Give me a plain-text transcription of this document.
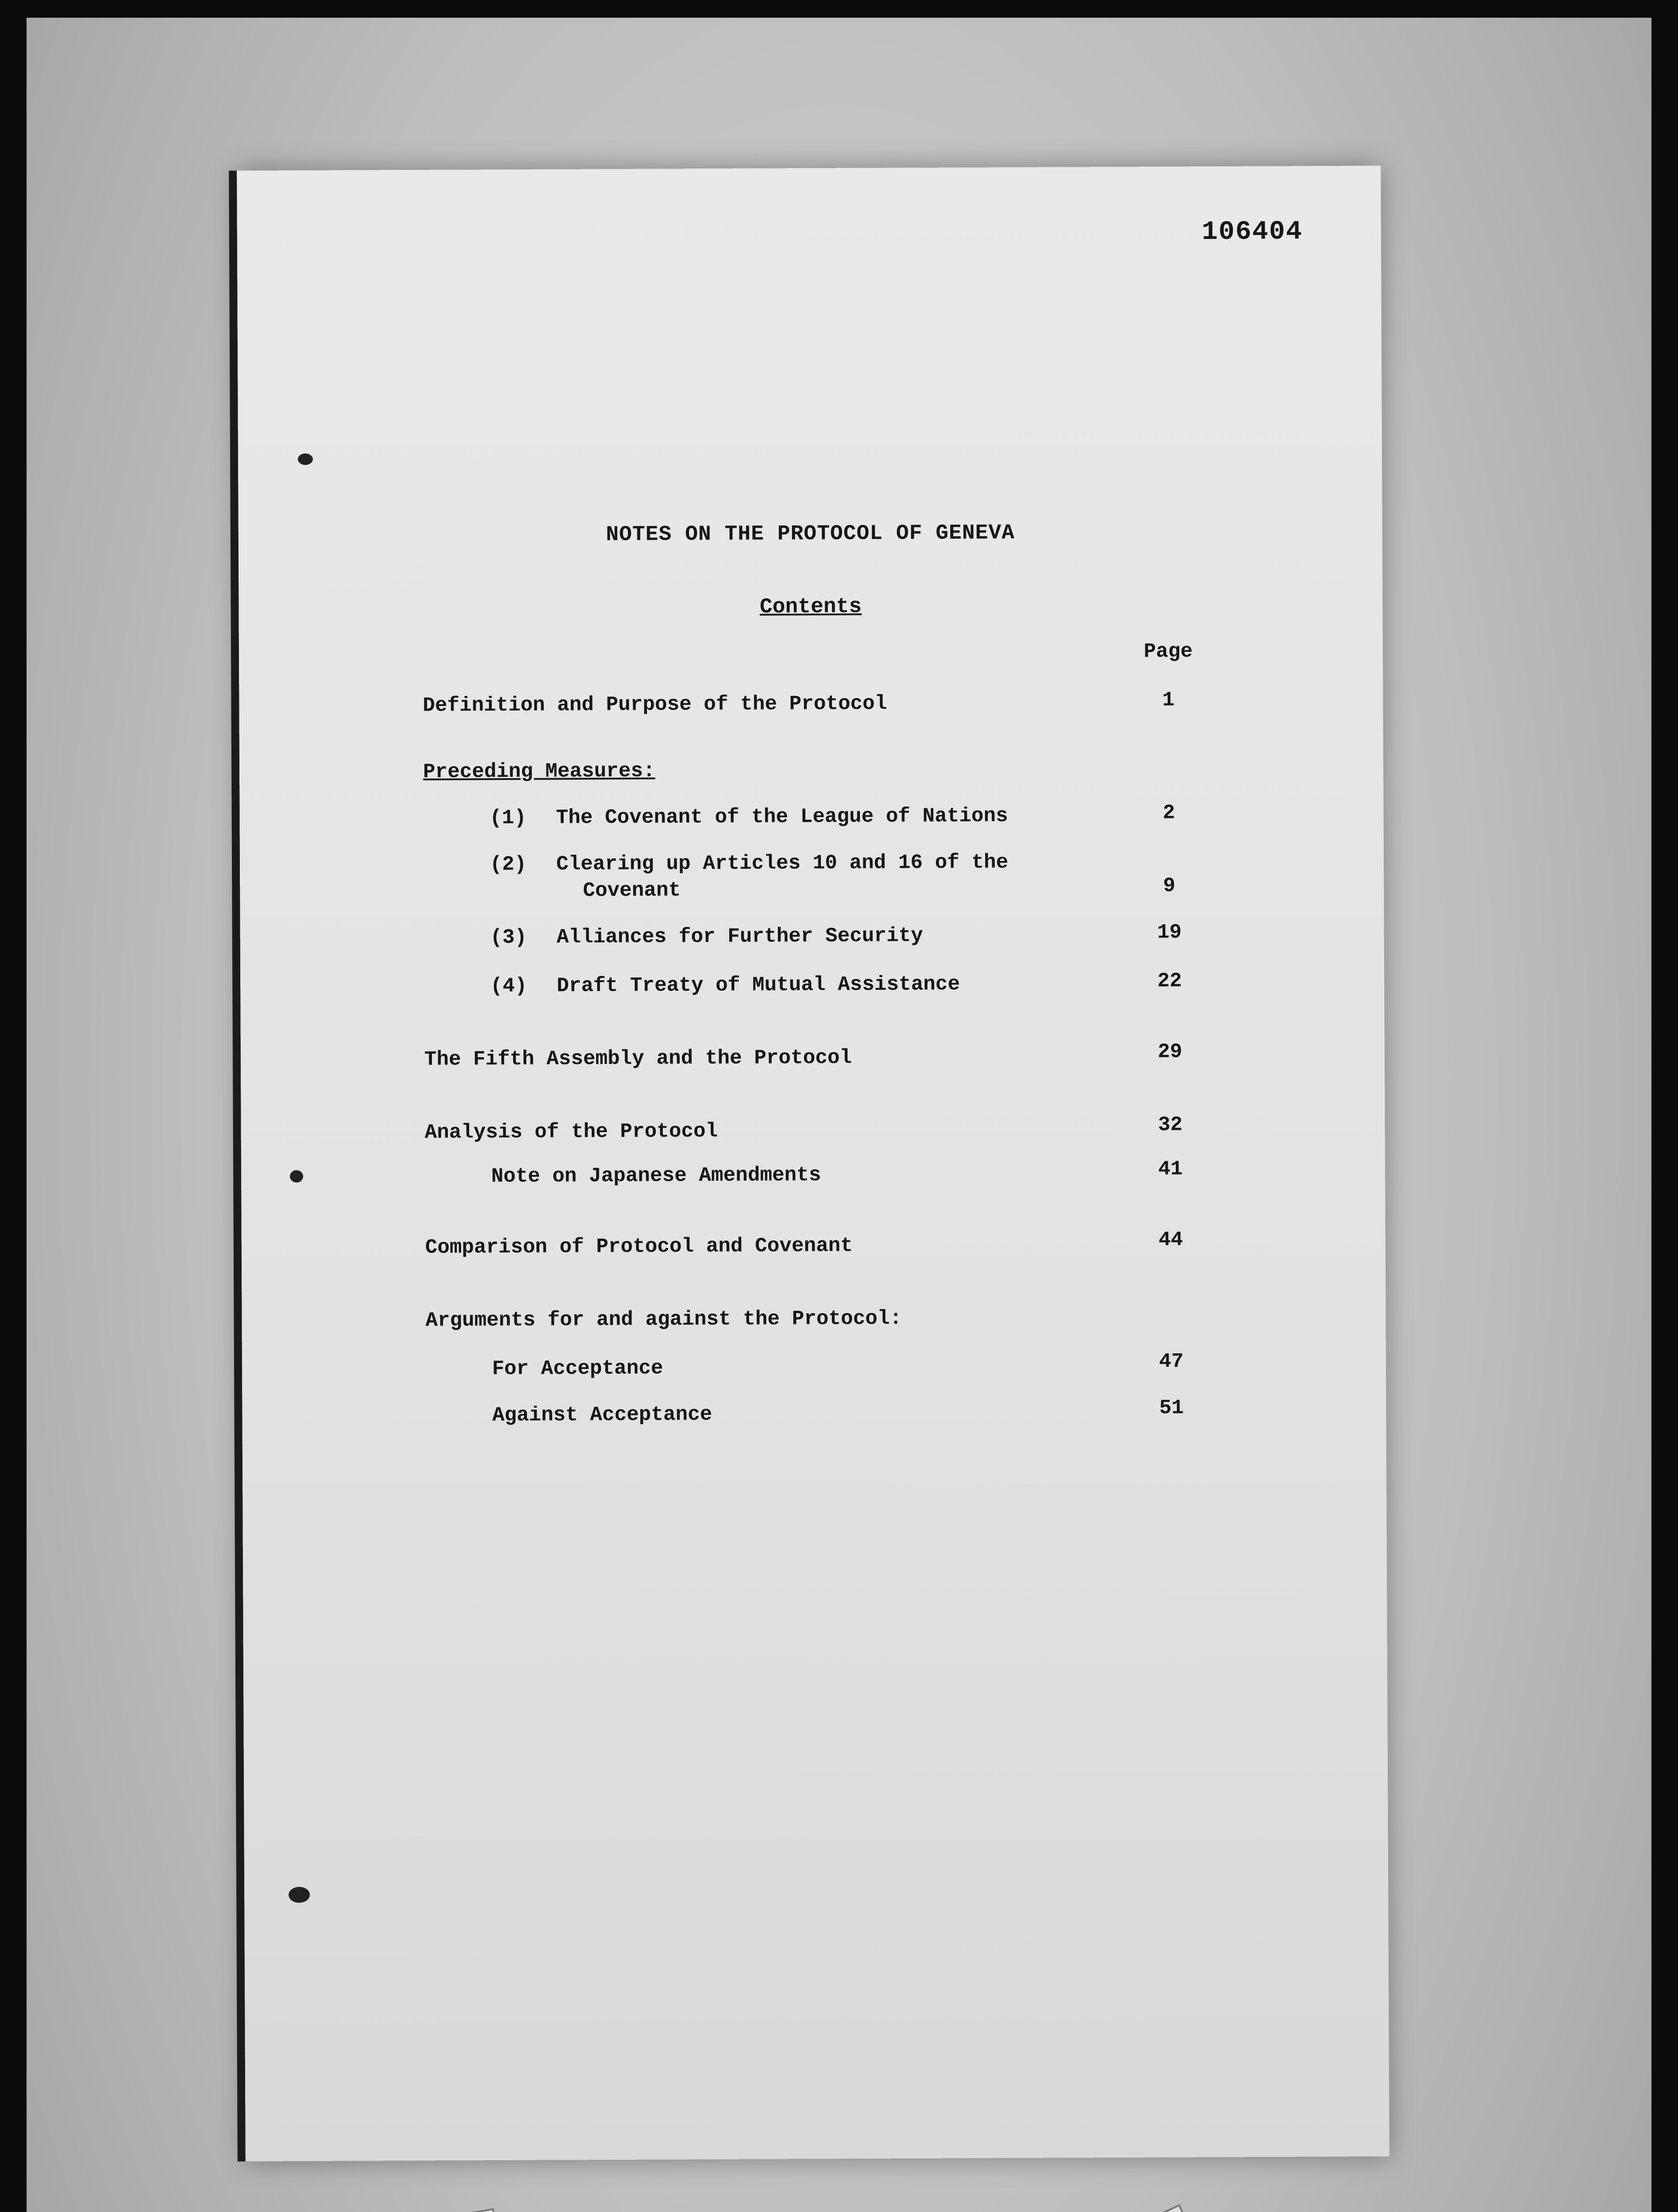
106404
NOTES ON THE PROTOCOL OF GENEVA
Contents
Page
Definition and Purpose of the Protocol	1
Preceding Measures:
(1) The Covenant of the League of Nations	2
(2) Clearing up Articles 10 and 16 of the
Covenant	9
(3) Alliances for Further Security	19
(4) Draft Treaty of Mutual Assistance	22
The Fifth Assembly and the Protocol	29
Analysis of the Protocol	32
Note on Japanese Amendments	41
Comparison of Protocol and Covenant	44
Arguments for and against the Protocol:
For Acceptance	47
Against Acceptance	51
